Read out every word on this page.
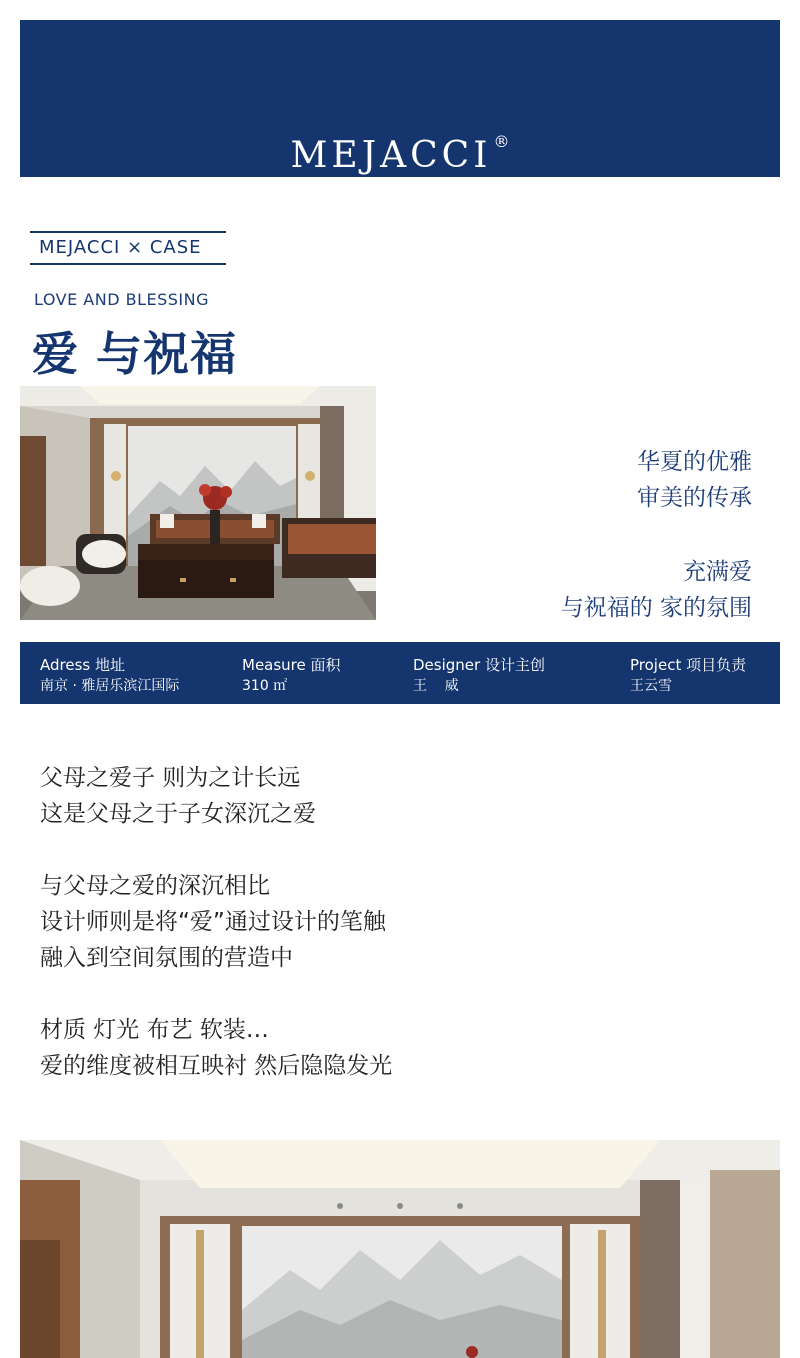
MEJACCI ®
MEJACCI × CASE
LOVE AND BLESSING
爱 与祝福
华夏的优雅
审美的传承
充满爱
与祝福的 家的氛围
Adress 地址
南京 · 雅居乐滨江国际
Measure 面积
310 ㎡
Designer 设计主创
王    威
Project 项目负责
王云雪
父母之爱子 则为之计长远
这是父母之于子女深沉之爱
与父母之爱的深沉相比
设计师则是将“爱”通过设计的笔触
融入到空间氛围的营造中
材质 灯光 布艺 软装…
爱的维度被相互映衬 然后隐隐发光
